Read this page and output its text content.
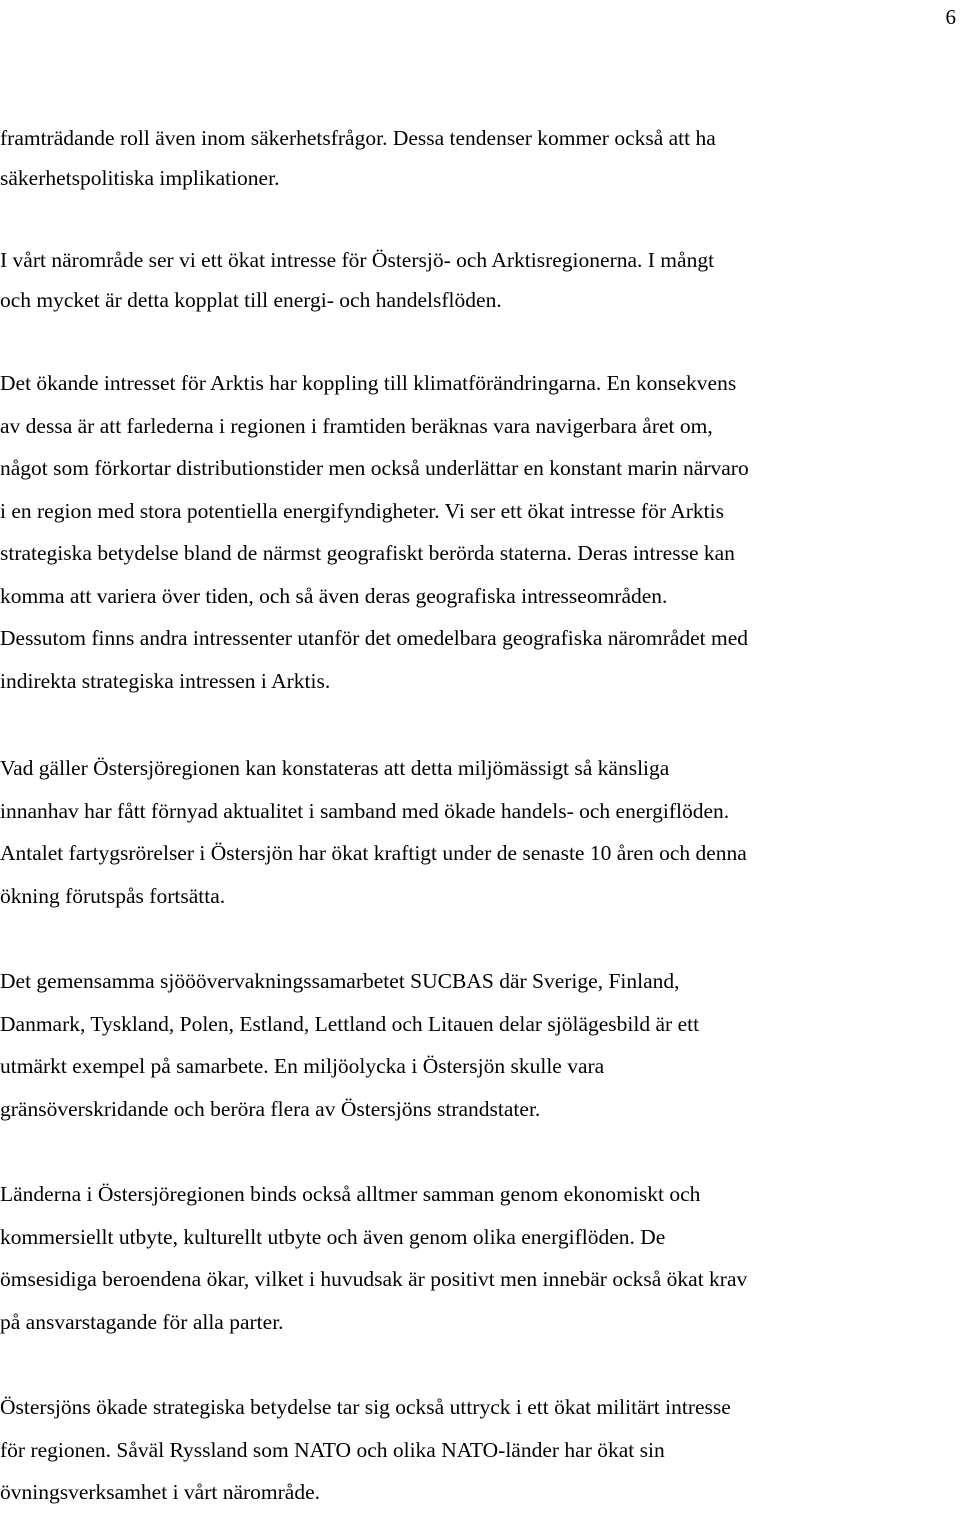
6

framträdande roll även inom säkerhetsfrågor. Dessa tendenser kommer också att ha
säkerhetspolitiska implikationer.

I vårt närområde ser vi ett ökat intresse för Östersjö- och Arktisregionerna. I mångt
och mycket är detta kopplat till energi- och handelsflöden.

Det ökande intresset för Arktis har koppling till klimatförändringarna. En konsekvens
av dessa är att farlederna i regionen i framtiden beräknas vara navigerbara året om,
något som förkortar distributionstider men också underlättar en konstant marin närvaro
i en region med stora potentiella energifyndigheter. Vi ser ett ökat intresse för Arktis
strategiska betydelse bland de närmst geografiskt berörda staterna. Deras intresse kan
komma att variera över tiden, och så även deras geografiska intresseområden.
Dessutom finns andra intressenter utanför det omedelbara geografiska närområdet med
indirekta strategiska intressen i Arktis.

Vad gäller Östersjöregionen kan konstateras att detta miljömässigt så känsliga
innanhav har fått förnyad aktualitet i samband med ökade handels- och energiflöden.
Antalet fartygsrörelser i Östersjön har ökat kraftigt under de senaste 10 åren och denna
ökning förutspås fortsätta.

Det gemensamma sjööövervakningssamarbetet SUCBAS där Sverige, Finland,
Danmark, Tyskland, Polen, Estland, Lettland och Litauen delar sjölägesbild är ett
utmärkt exempel på samarbete. En miljöolycka i Östersjön skulle vara
gränsöverskridande och beröra flera av Östersjöns strandstater.

Länderna i Östersjöregionen binds också alltmer samman genom ekonomiskt och
kommersiellt utbyte, kulturellt utbyte och även genom olika energiflöden. De
ömsesidiga beroendena ökar, vilket i huvudsak är positivt men innebär också ökat krav
på ansvarstagande för alla parter.

Östersjöns ökade strategiska betydelse tar sig också uttryck i ett ökat militärt intresse
för regionen. Såväl Ryssland som NATO och olika NATO-länder har ökat sin
övningsverksamhet i vårt närområde.
